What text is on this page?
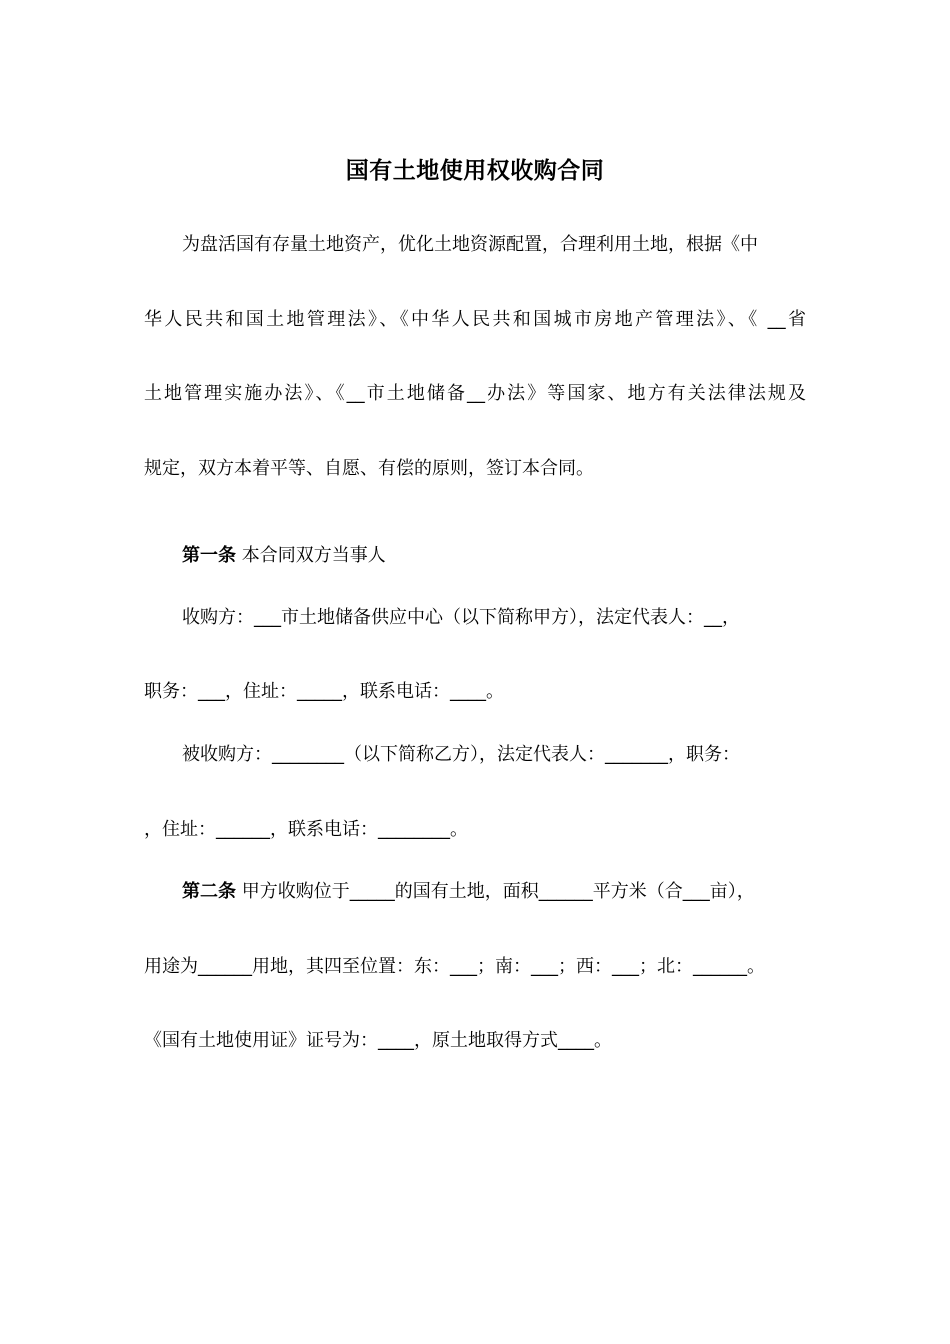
国有土地使用权收购合同
为盘活国有存量土地资产，优化土地资源配置，合理利用土地，根据《中
华人民共和国土地管理法》、《中华人民共和国城市房地产管理法》、《 __省
土地管理实施办法》、《__市土地储备__办法》等国家、地方有关法律法规及
规定，双方本着平等、自愿、有偿的原则，签订本合同。
第一条 本合同双方当事人
收购方：___市土地储备供应中心（以下简称甲方），法定代表人：__，
职务：___，住址：_____，联系电话：____。
被收购方：________（以下简称乙方），法定代表人：_______，职务：
，住址：______，联系电话：________。
第二条 甲方收购位于_____的国有土地，面积______平方米（合___亩），
用途为______用地，其四至位置：东：___；南：___；西：___；北：______。
《国有土地使用证》证号为：____，原土地取得方式____。
